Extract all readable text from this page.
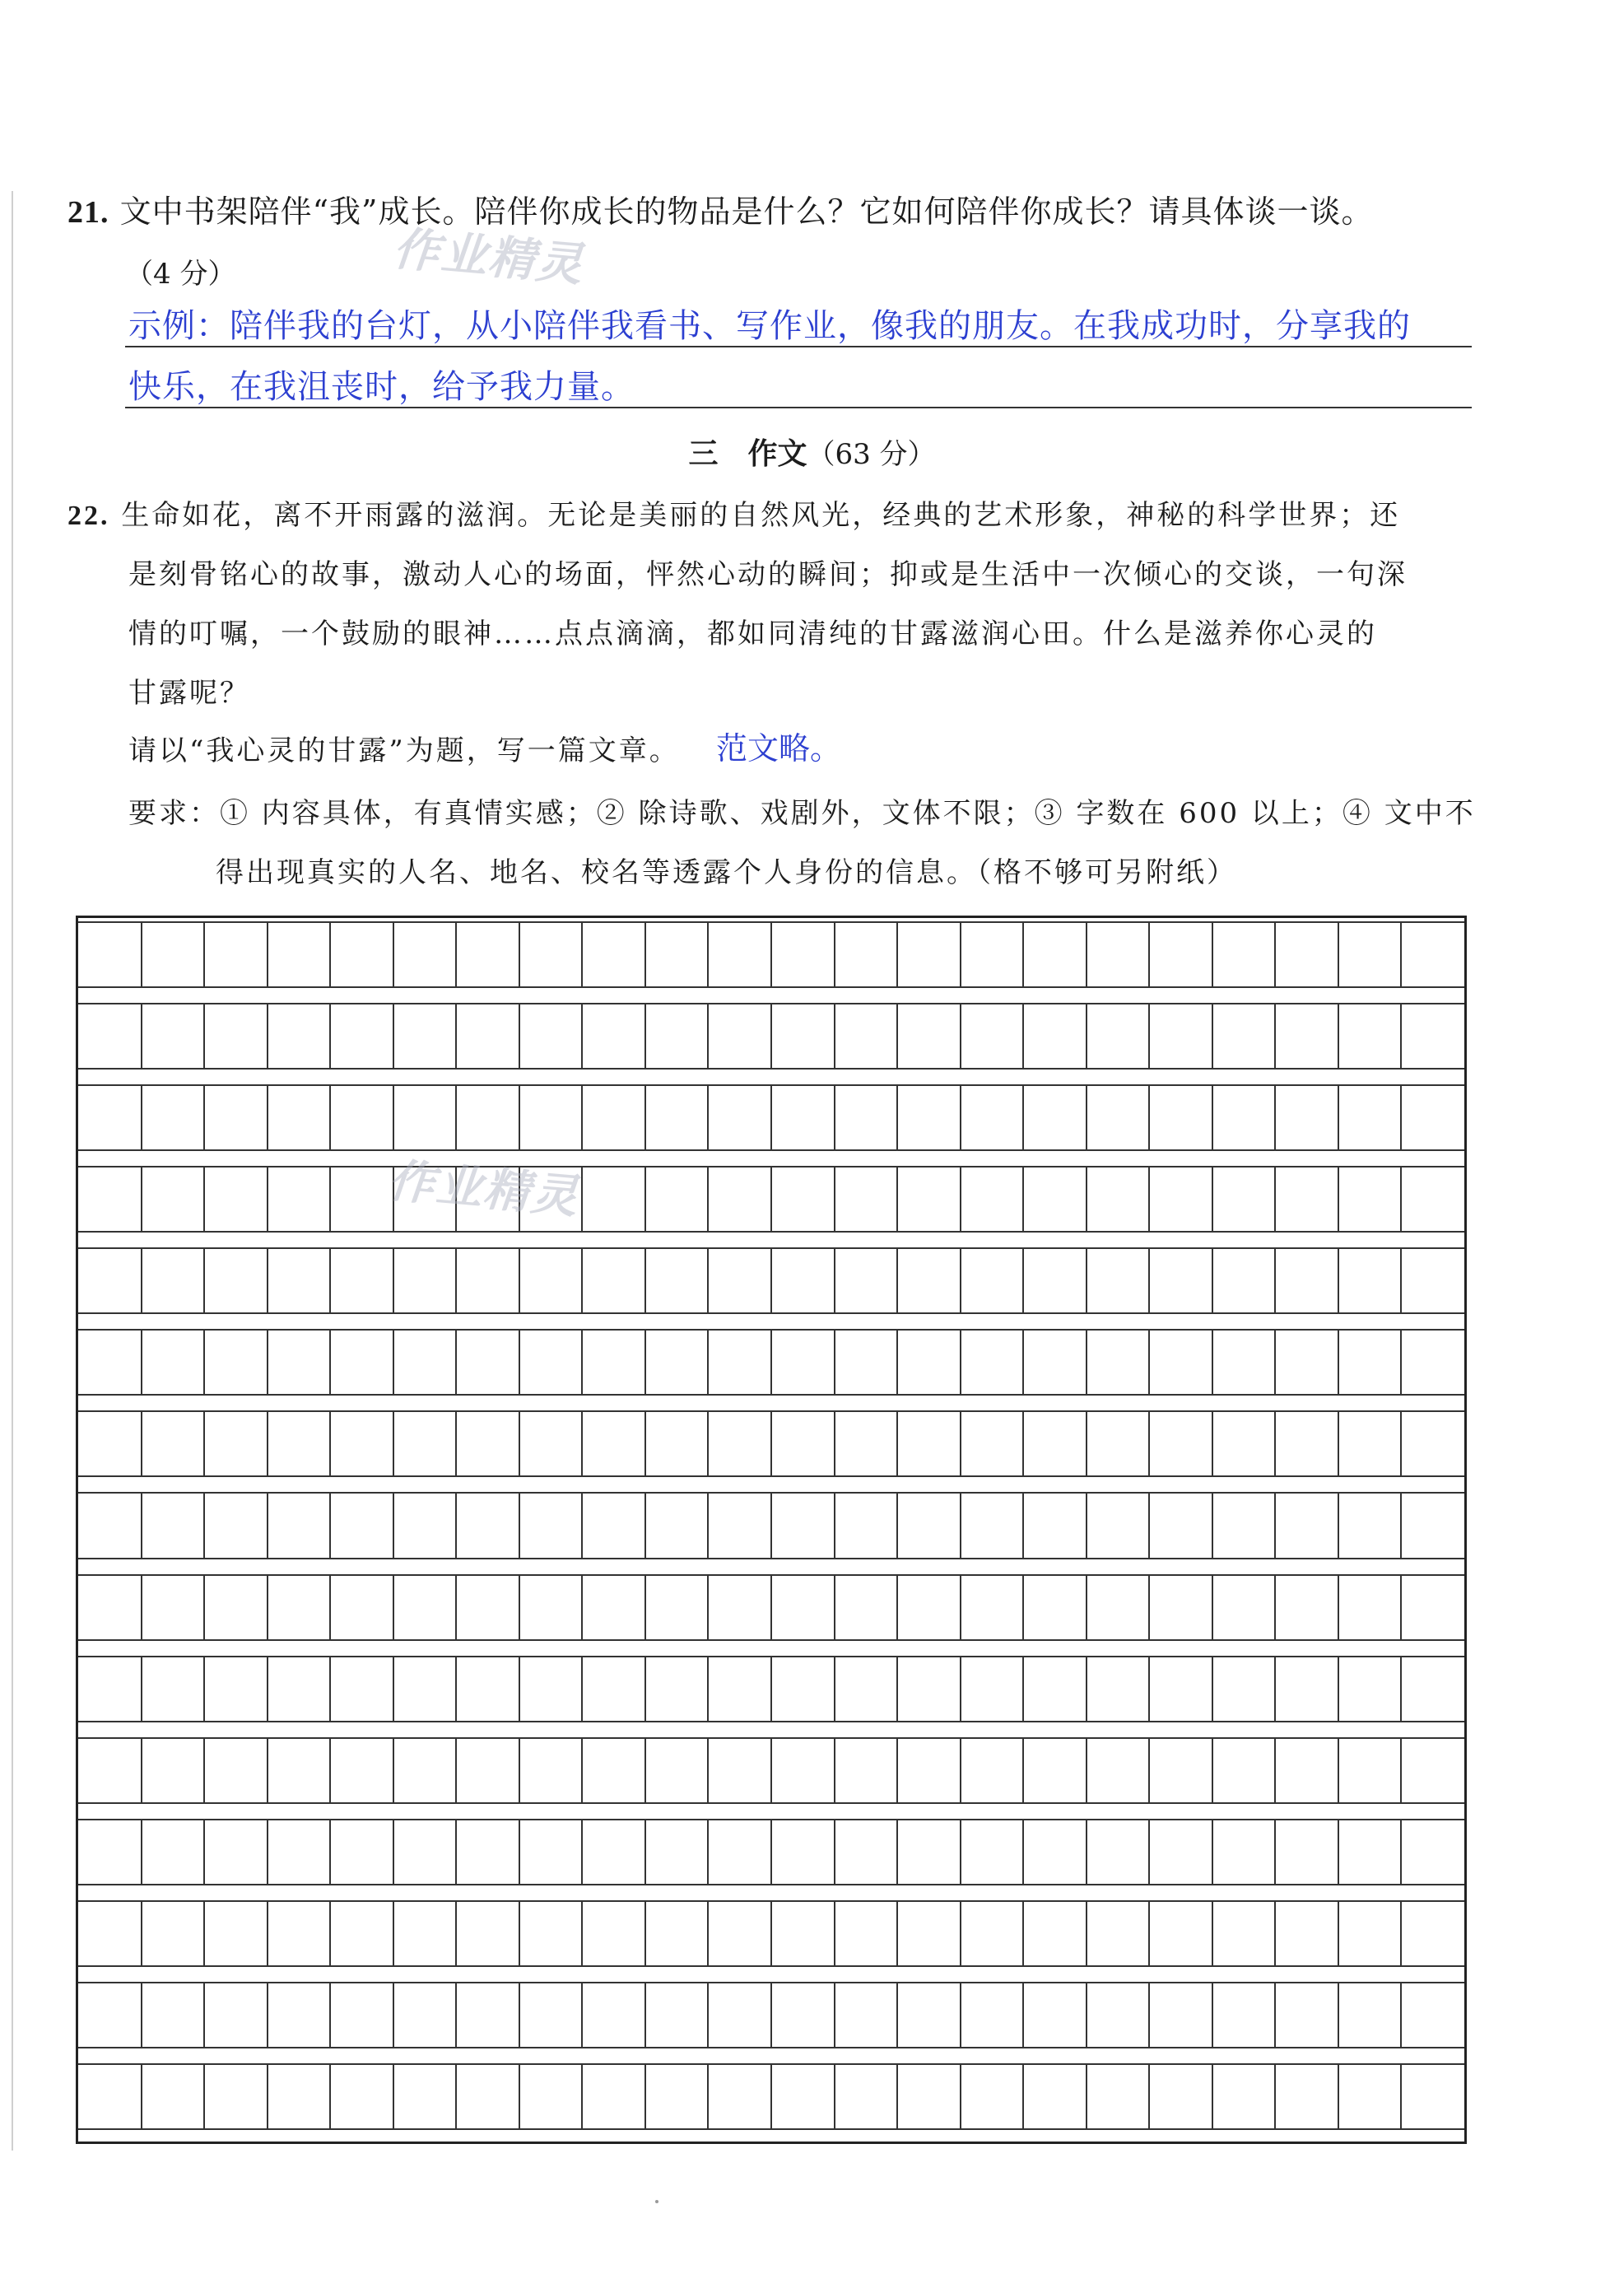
21. 文中书架陪伴“我”成长。陪伴你成长的物品是什么？它如何陪伴你成长？请具体谈一谈。
（4 分）
示例：陪伴我的台灯，从小陪伴我看书、写作业，像我的朋友。在我成功时，分享我的
快乐，在我沮丧时，给予我力量。
三　作文（63 分）
22. 生命如花，离不开雨露的滋润。无论是美丽的自然风光，经典的艺术形象，神秘的科学世界；还
是刻骨铭心的故事，激动人心的场面，怦然心动的瞬间；抑或是生活中一次倾心的交谈，一句深
情的叮嘱，一个鼓励的眼神……点点滴滴，都如同清纯的甘露滋润心田。什么是滋养你心灵的
甘露呢？
请以“我心灵的甘露”为题，写一篇文章。 范文略。
要求：① 内容具体，有真情实感；② 除诗歌、戏剧外，文体不限；③ 字数在 600 以上；④ 文中不
得出现真实的人名、地名、校名等透露个人身份的信息。（格不够可另附纸）
作业精灵
作业精灵
